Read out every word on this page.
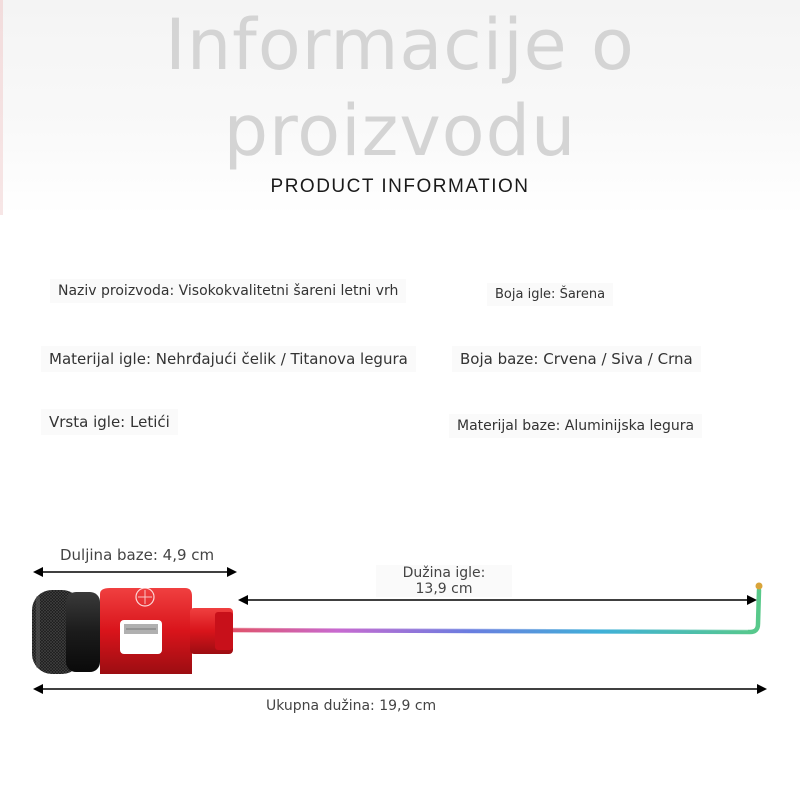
Informacije o proizvodu
PRODUCT INFORMATION
Naziv proizvoda: Visokokvalitetni šareni letni vrh	Boja igle: Šarena
Materijal igle: Nehrđajući čelik / Titanova legura	Boja baze: Crvena / Siva / Crna
Vrsta igle: Letići	Materijal baze: Aluminijska legura
Duljina baze: 4,9 cm
Dužina igle:
13,9 cm
Ukupna dužina: 19,9 cm
